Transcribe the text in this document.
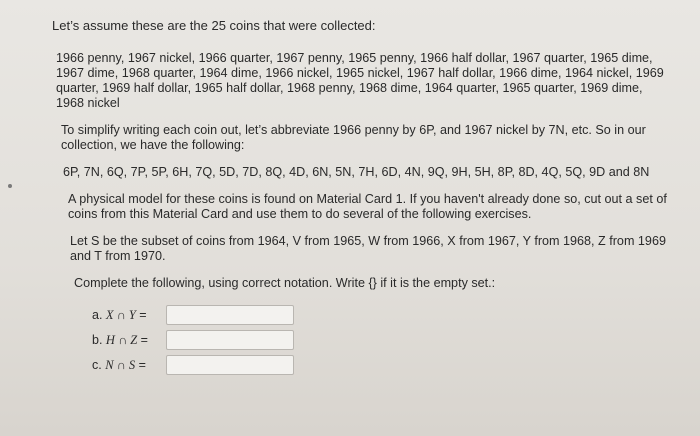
Let’s assume these are the 25 coins that were collected:

1966 penny, 1967 nickel, 1966 quarter, 1967 penny, 1965 penny, 1966 half dollar, 1967 quarter, 1965 dime, 1967 dime, 1968 quarter, 1964 dime, 1966 nickel, 1965 nickel, 1967 half dollar, 1966 dime, 1964 nickel, 1969 quarter, 1969 half dollar, 1965 half dollar, 1968 penny, 1968 dime, 1964 quarter, 1965 quarter, 1969 dime, 1968 nickel

To simplify writing each coin out, let’s abbreviate 1966 penny by 6P, and 1967 nickel by 7N, etc. So in our collection, we have the following:

6P, 7N, 6Q, 7P, 5P, 6H, 7Q, 5D, 7D, 8Q, 4D, 6N, 5N, 7H, 6D, 4N, 9Q, 9H, 5H, 8P, 8D, 4Q, 5Q, 9D and 8N

A physical model for these coins is found on Material Card 1. If you haven't already done so, cut out a set of coins from this Material Card and use them to do several of the following exercises.

Let S be the subset of coins from 1964, V from 1965, W from 1966, X from 1967, Y from 1968, Z from 1969 and T from 1970.

Complete the following, using correct notation. Write {} if it is the empty set.:

a. X ∩ Y =
b. H ∩ Z =
c. N ∩ S =
